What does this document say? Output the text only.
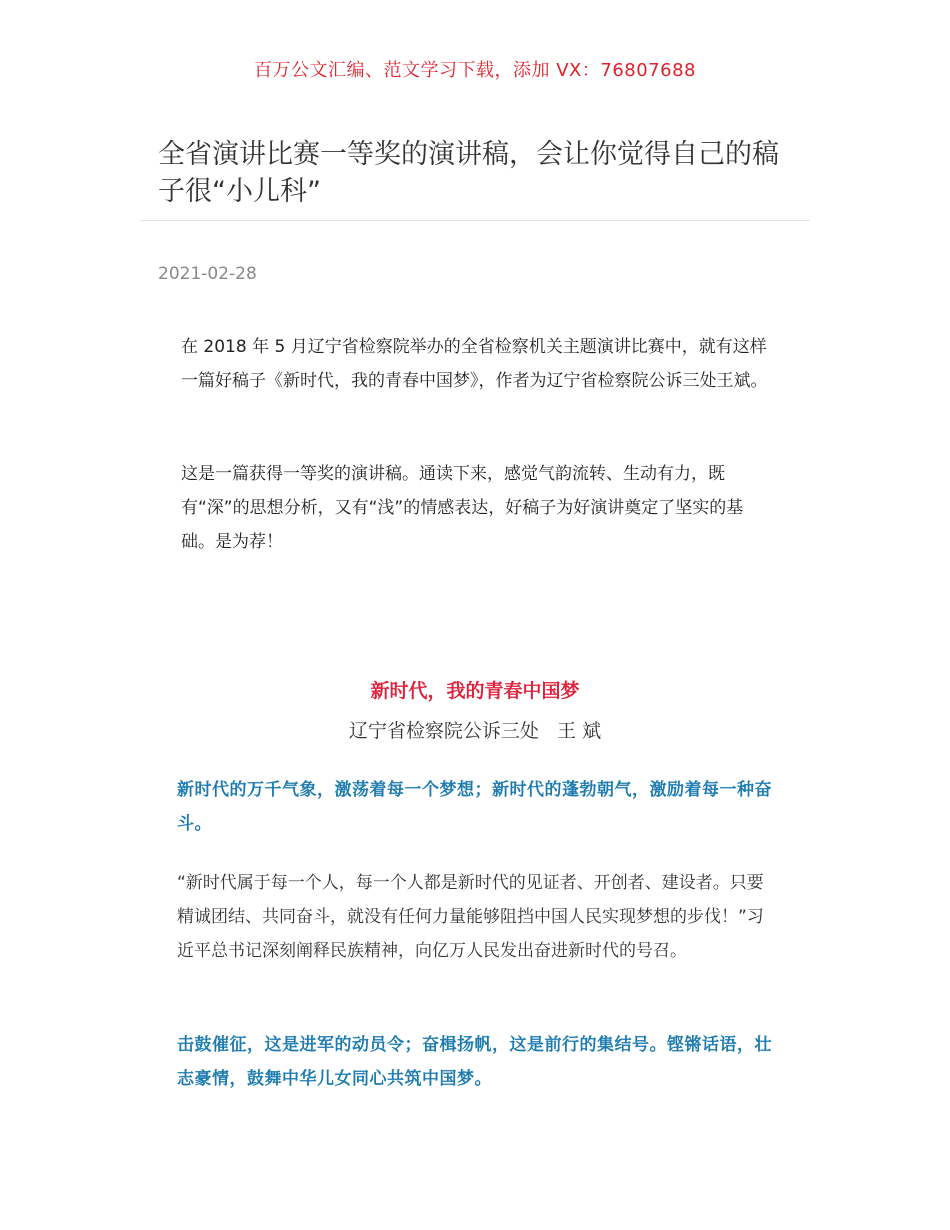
百万公文汇编、范文学习下载，添加 VX：76807688
全省演讲比赛一等奖的演讲稿，会让你觉得自己的稿子很“小儿科”
2021-02-28

在 2018 年 5 月辽宁省检察院举办的全省检察机关主题演讲比赛中，就有这样一篇好稿子《新时代，我的青春中国梦》，作者为辽宁省检察院公诉三处王斌。

这是一篇获得一等奖的演讲稿。通读下来，感觉气韵流转、生动有力，既有“深”的思想分析，又有“浅”的情感表达，好稿子为好演讲奠定了坚实的基础。是为荐！

新时代，我的青春中国梦
辽宁省检察院公诉三处   王 斌

新时代的万千气象，激荡着每一个梦想；新时代的蓬勃朝气，激励着每一种奋斗。

“新时代属于每一个人，每一个人都是新时代的见证者、开创者、建设者。只要精诚团结、共同奋斗，就没有任何力量能够阻挡中国人民实现梦想的步伐！”习近平总书记深刻阐释民族精神，向亿万人民发出奋进新时代的号召。

击鼓催征，这是进军的动员令；奋楫扬帆，这是前行的集结号。铿锵话语，壮志豪情，鼓舞中华儿女同心共筑中国梦。
